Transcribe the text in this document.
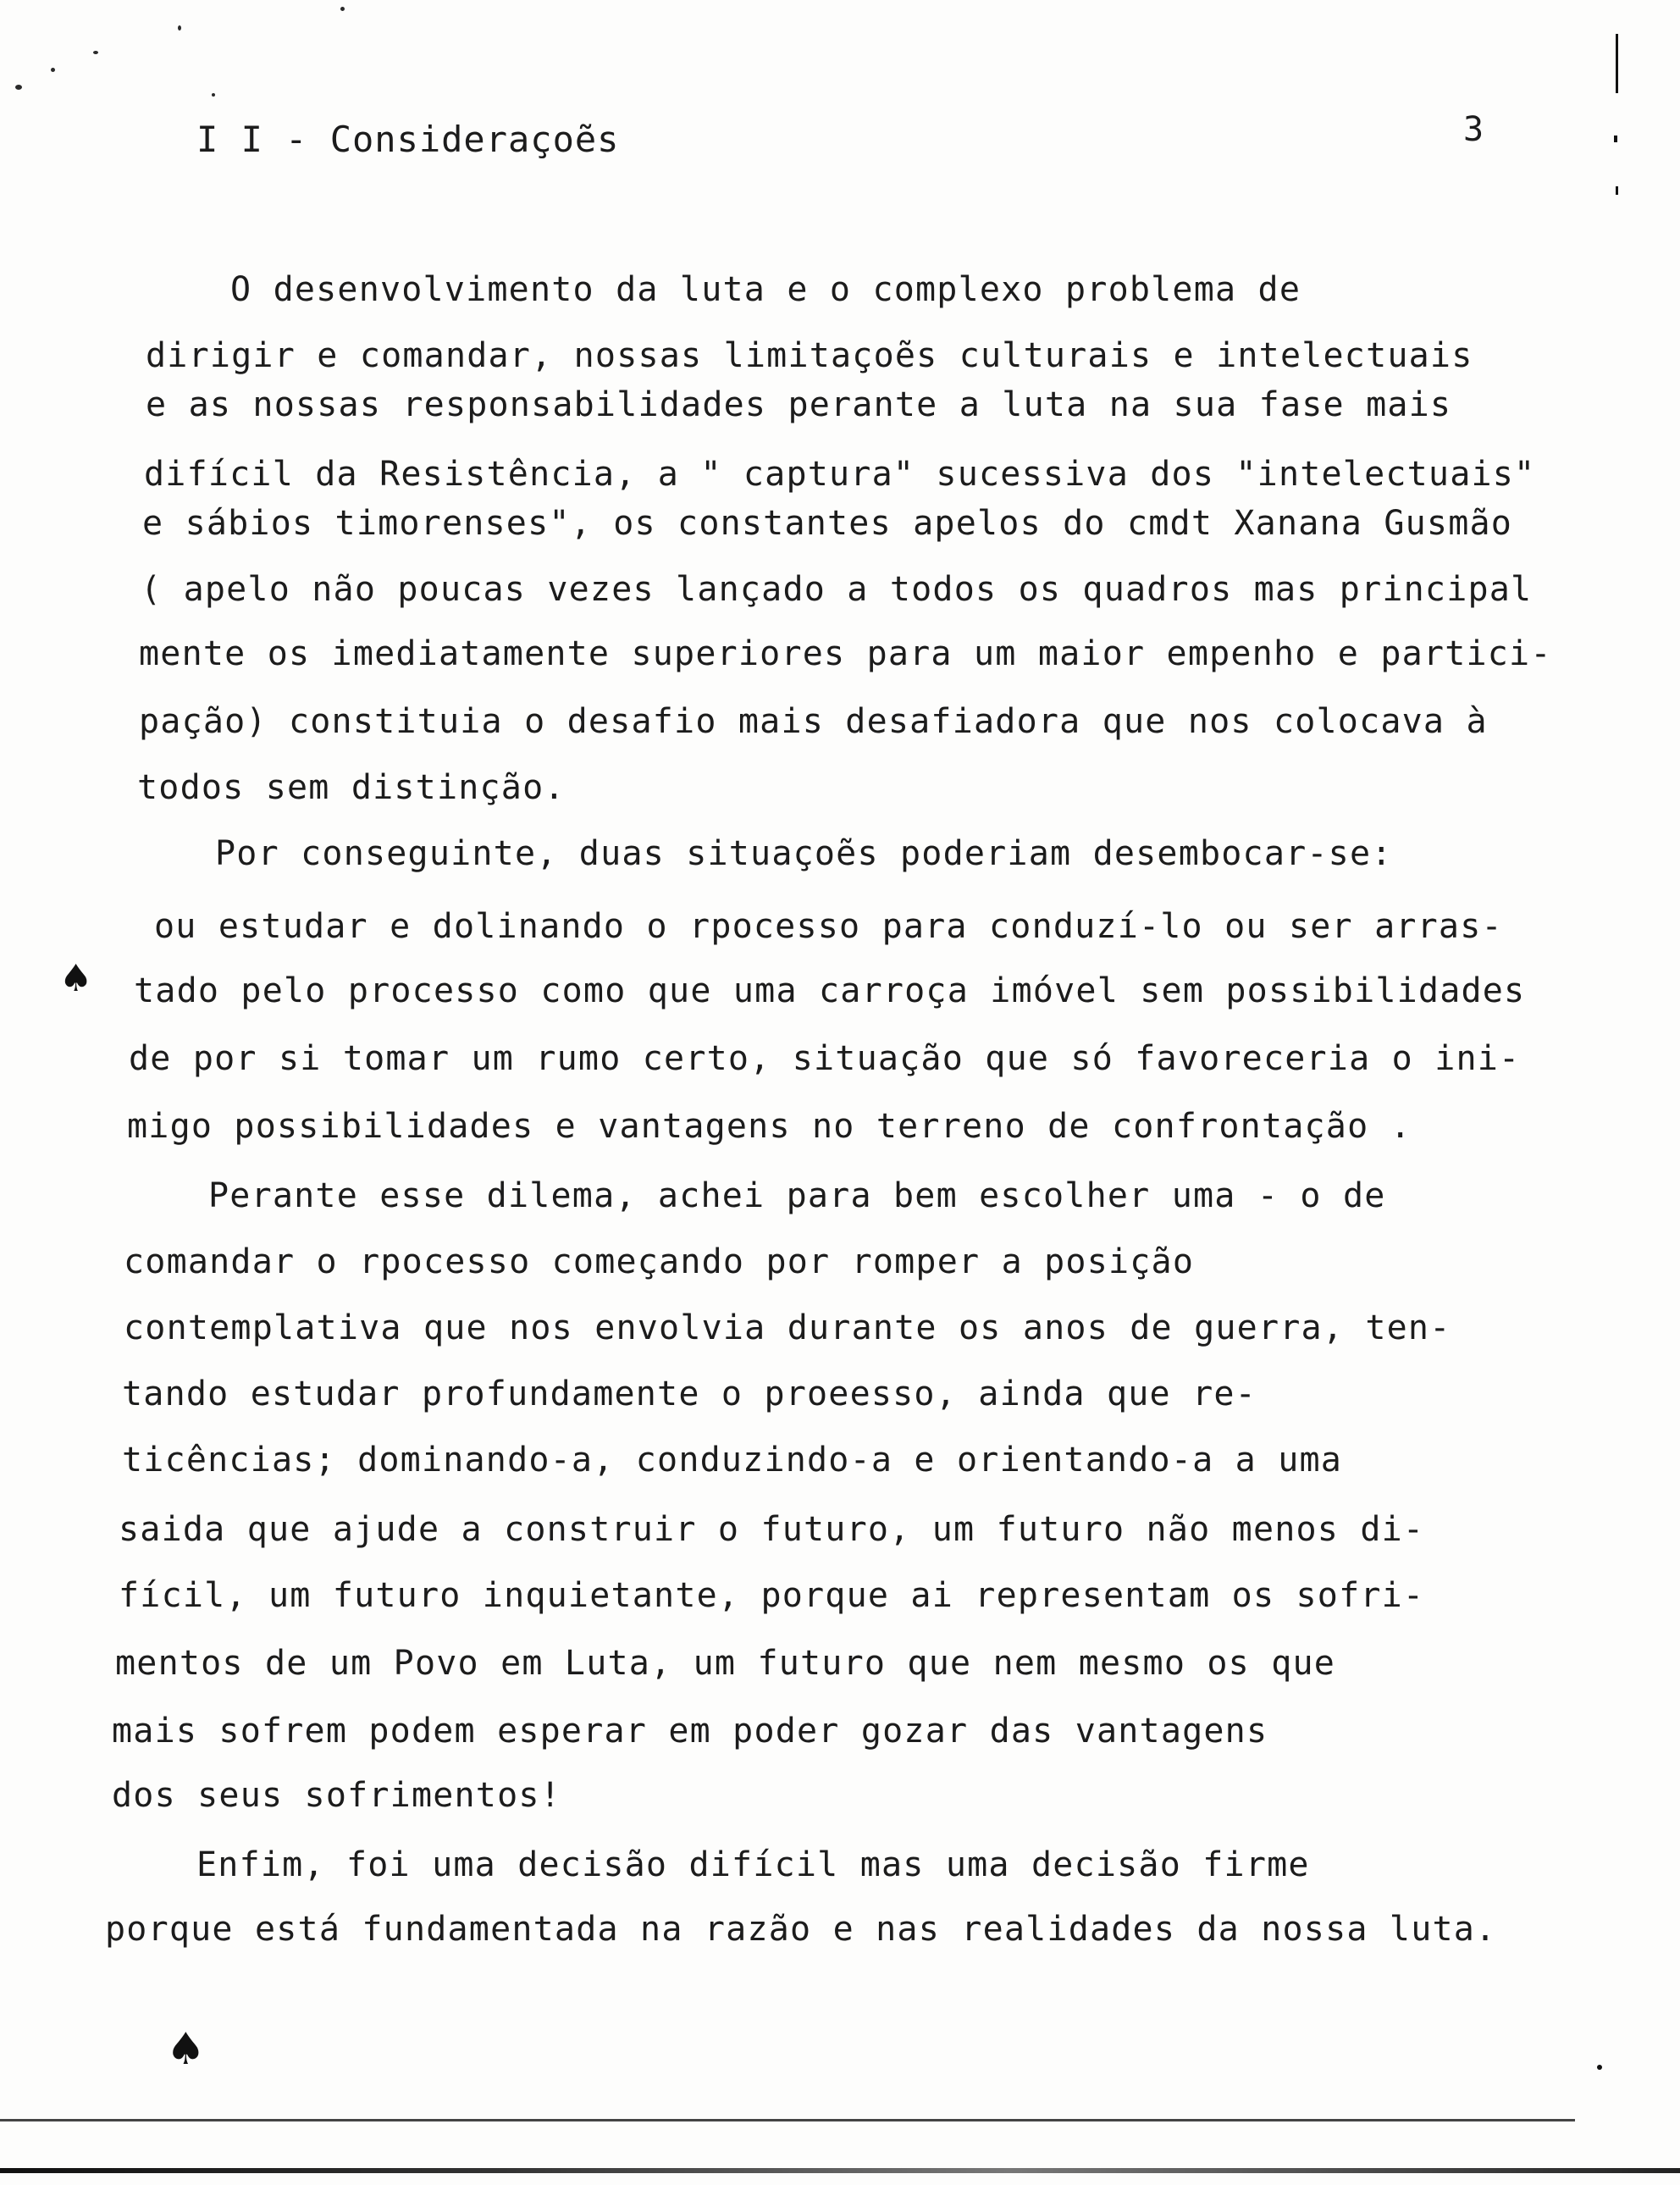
I I - Consideraçoẽs	3
O desenvolvimento da luta e o complexo problema de
dirigir e comandar, nossas limitaçoẽs culturais e intelectuais
e as nossas responsabilidades perante a luta na sua fase mais
difícil da Resistência, a " captura" sucessiva dos "intelectuais"
e sábios timorenses", os constantes apelos do cmdt Xanana Gusmão
( apelo não poucas vezes lançado a todos os quadros mas principal
mente os imediatamente superiores para um maior empenho e partici-
pação) constituia o desafio mais desafiadora que nos colocava à
todos sem distinção.
Por conseguinte, duas situaçoẽs poderiam desembocar-se:
ou estudar e dolinando o rpocesso para conduzí-lo ou ser arras-
tado pelo processo como que uma carroça imóvel sem possibilidades
de por si tomar um rumo certo, situação que só favoreceria o ini-
migo possibilidades e vantagens no terreno de confrontação .
Perante esse dilema, achei para bem escolher uma - o de
comandar o rpocesso começando por romper a posição
contemplativa que nos envolvia durante os anos de guerra, ten-
tando estudar profundamente o proeesso, ainda que re-
ticências; dominando-a, conduzindo-a e orientando-a a uma
saida que ajude a construir o futuro, um futuro não menos di-
fícil, um futuro inquietante, porque ai representam os sofri-
mentos de um Povo em Luta, um futuro que nem mesmo os que
mais sofrem podem esperar em poder gozar das vantagens
dos seus sofrimentos!
Enfim, foi uma decisão difícil mas uma decisão firme
porque está fundamentada na razão e nas realidades da nossa luta.
♠
♠
